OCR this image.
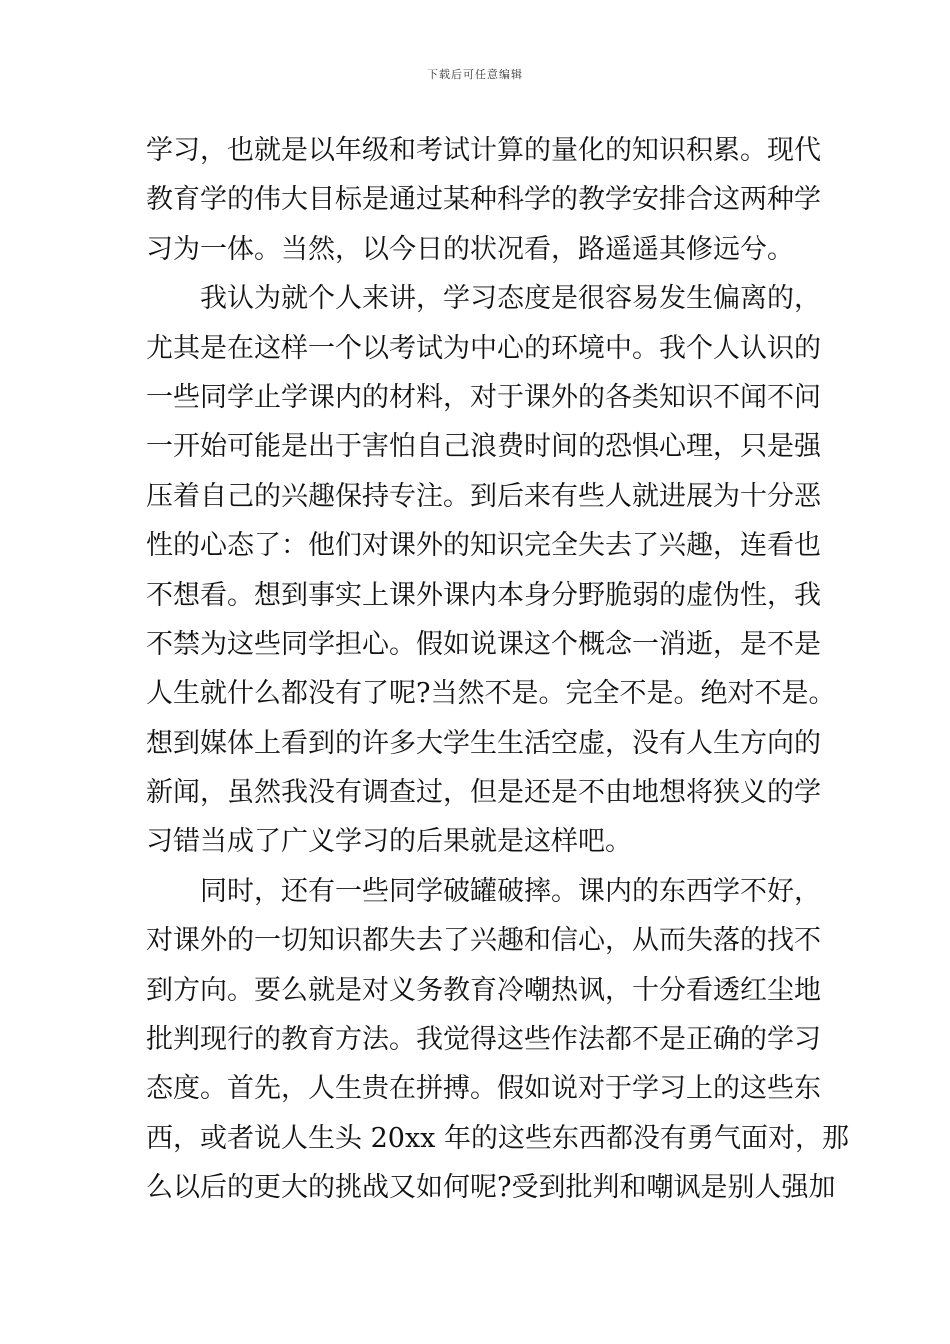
下载后可任意编辑
学习，也就是以年级和考试计算的量化的知识积累。现代
教育学的伟大目标是通过某种科学的教学安排合这两种学
习为一体。当然，以今日的状况看，路遥遥其修远兮。
我认为就个人来讲，学习态度是很容易发生偏离的，
尤其是在这样一个以考试为中心的环境中。我个人认识的
一些同学止学课内的材料，对于课外的各类知识不闻不问
一开始可能是出于害怕自己浪费时间的恐惧心理，只是强
压着自己的兴趣保持专注。到后来有些人就进展为十分恶
性的心态了：他们对课外的知识完全失去了兴趣，连看也
不想看。想到事实上课外课内本身分野脆弱的虚伪性，我
不禁为这些同学担心。假如说课这个概念一消逝，是不是
人生就什么都没有了呢?当然不是。完全不是。绝对不是。
想到媒体上看到的许多大学生生活空虚，没有人生方向的
新闻，虽然我没有调查过，但是还是不由地想将狭义的学
习错当成了广义学习的后果就是这样吧。
同时，还有一些同学破罐破摔。课内的东西学不好，
对课外的一切知识都失去了兴趣和信心，从而失落的找不
到方向。要么就是对义务教育冷嘲热讽，十分看透红尘地
批判现行的教育方法。我觉得这些作法都不是正确的学习
态度。首先，人生贵在拼搏。假如说对于学习上的这些东
西，或者说人生头 20xx 年的这些东西都没有勇气面对，那
么以后的更大的挑战又如何呢?受到批判和嘲讽是别人强加
